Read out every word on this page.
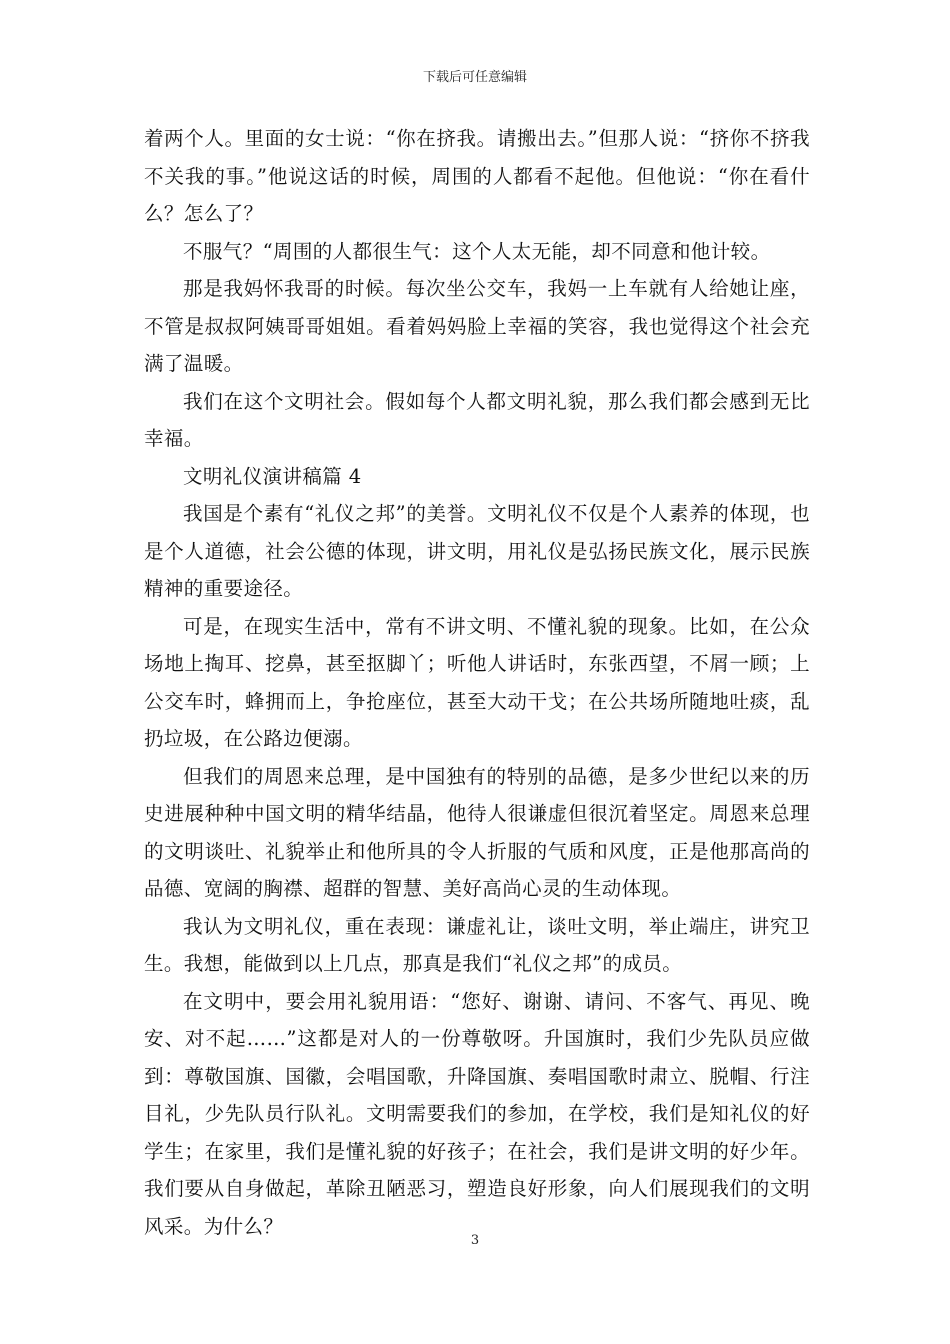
下载后可任意编辑

着两个人。里面的女士说：“你在挤我。请搬出去。”但那人说：“挤你不挤我不关我的事。”他说这话的时候，周围的人都看不起他。但他说：“你在看什么？怎么了？

不服气？“周围的人都很生气：这个人太无能，却不同意和他计较。

那是我妈怀我哥的时候。每次坐公交车，我妈一上车就有人给她让座，不管是叔叔阿姨哥哥姐姐。看着妈妈脸上幸福的笑容，我也觉得这个社会充满了温暖。

我们在这个文明社会。假如每个人都文明礼貌，那么我们都会感到无比幸福。

文明礼仪演讲稿篇 4

我国是个素有“礼仪之邦”的美誉。文明礼仪不仅是个人素养的体现，也是个人道德，社会公德的体现，讲文明，用礼仪是弘扬民族文化，展示民族精神的重要途径。

可是，在现实生活中，常有不讲文明、不懂礼貌的现象。比如，在公众场地上掏耳、挖鼻，甚至抠脚丫；听他人讲话时，东张西望，不屑一顾；上公交车时，蜂拥而上，争抢座位，甚至大动干戈；在公共场所随地吐痰，乱扔垃圾，在公路边便溺。

但我们的周恩来总理，是中国独有的特别的品德，是多少世纪以来的历史进展种种中国文明的精华结晶，他待人很谦虚但很沉着坚定。周恩来总理的文明谈吐、礼貌举止和他所具的令人折服的气质和风度，正是他那高尚的品德、宽阔的胸襟、超群的智慧、美好高尚心灵的生动体现。

我认为文明礼仪，重在表现：谦虚礼让，谈吐文明，举止端庄，讲究卫生。我想，能做到以上几点，那真是我们“礼仪之邦”的成员。

在文明中，要会用礼貌用语：“您好、谢谢、请问、不客气、再见、晚安、对不起……”这都是对人的一份尊敬呀。升国旗时，我们少先队员应做到：尊敬国旗、国徽，会唱国歌，升降国旗、奏唱国歌时肃立、脱帽、行注目礼，少先队员行队礼。文明需要我们的参加，在学校，我们是知礼仪的好学生；在家里，我们是懂礼貌的好孩子；在社会，我们是讲文明的好少年。我们要从自身做起，革除丑陋恶习，塑造良好形象，向人们展现我们的文明风采。为什么？

3
